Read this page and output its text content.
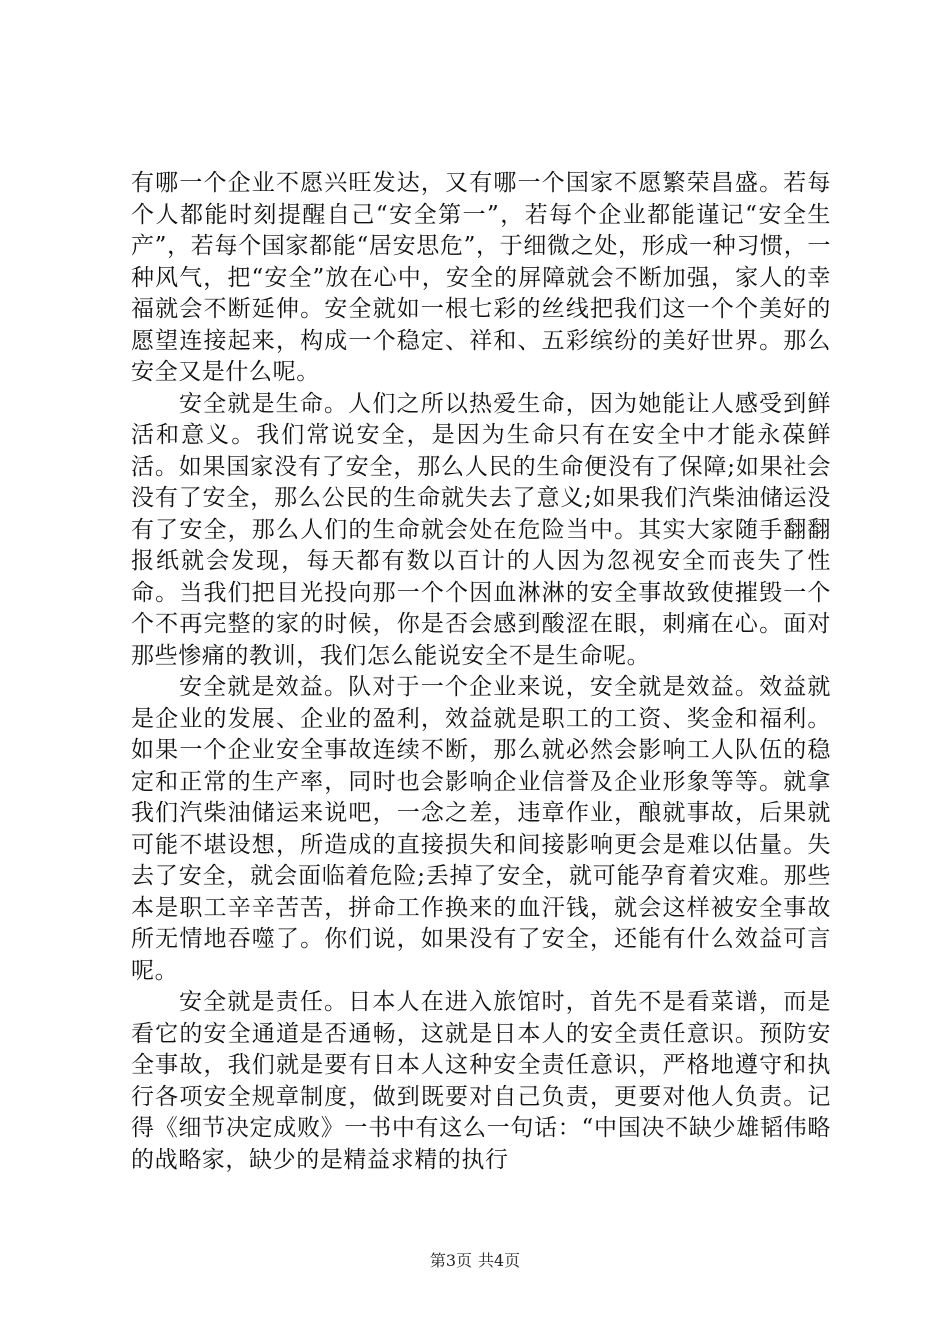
有哪一个企业不愿兴旺发达，又有哪一个国家不愿繁荣昌盛。若每个人都能时刻提醒自己“安全第一”，若每个企业都能谨记“安全生产”，若每个国家都能“居安思危”，于细微之处，形成一种习惯，一种风气，把“安全”放在心中，安全的屏障就会不断加强，家人的幸福就会不断延伸。安全就如一根七彩的丝线把我们这一个个美好的愿望连接起来，构成一个稳定、祥和、五彩缤纷的美好世界。那么安全又是什么呢。

安全就是生命。人们之所以热爱生命，因为她能让人感受到鲜活和意义。我们常说安全，是因为生命只有在安全中才能永葆鲜活。如果国家没有了安全，那么人民的生命便没有了保障;如果社会没有了安全，那么公民的生命就失去了意义;如果我们汽柴油储运没有了安全，那么人们的生命就会处在危险当中。其实大家随手翻翻报纸就会发现，每天都有数以百计的人因为忽视安全而丧失了性命。当我们把目光投向那一个个因血淋淋的安全事故致使摧毁一个个不再完整的家的时候，你是否会感到酸涩在眼，刺痛在心。面对那些惨痛的教训，我们怎么能说安全不是生命呢。

安全就是效益。队对于一个企业来说，安全就是效益。效益就是企业的发展、企业的盈利，效益就是职工的工资、奖金和福利。如果一个企业安全事故连续不断，那么就必然会影响工人队伍的稳定和正常的生产率，同时也会影响企业信誉及企业形象等等。就拿我们汽柴油储运来说吧，一念之差，违章作业，酿就事故，后果就可能不堪设想，所造成的直接损失和间接影响更会是难以估量。失去了安全，就会面临着危险;丢掉了安全，就可能孕育着灾难。那些本是职工辛辛苦苦，拼命工作换来的血汗钱，就会这样被安全事故所无情地吞噬了。你们说，如果没有了安全，还能有什么效益可言呢。

安全就是责任。日本人在进入旅馆时，首先不是看菜谱，而是看它的安全通道是否通畅，这就是日本人的安全责任意识。预防安全事故，我们就是要有日本人这种安全责任意识，严格地遵守和执行各项安全规章制度，做到既要对自己负责，更要对他人负责。记得《细节决定成败》一书中有这么一句话：“中国决不缺少雄韬伟略的战略家，缺少的是精益求精的执行

第3页 共4页
